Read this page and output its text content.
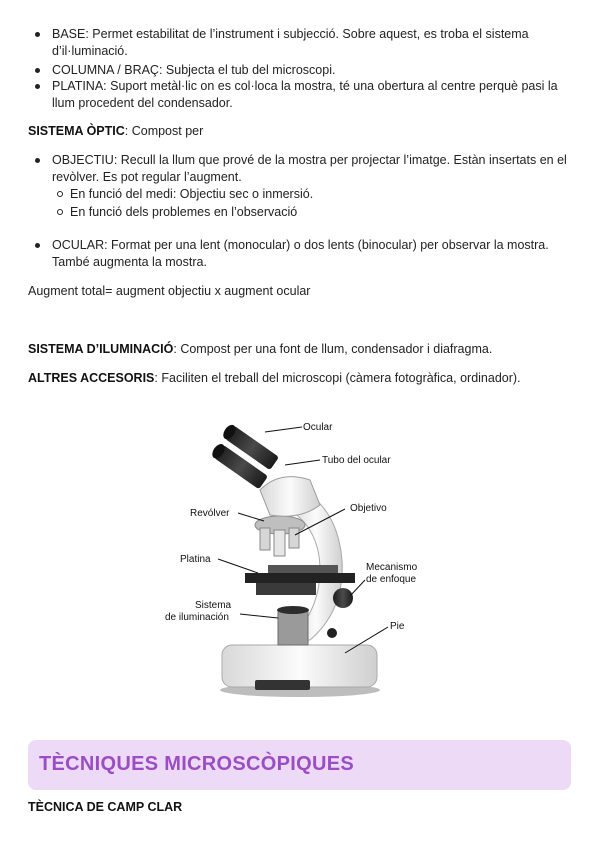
BASE: Permet estabilitat de l’instrument i subjecció. Sobre aquest, es troba el sistema d’il·luminació.
COLUMNA / BRAÇ: Subjecta el tub del microscopi.
PLATINA: Suport metàl·lic on es col·loca la mostra, té una obertura al centre perquè pasi la llum procedent del condensador.
SISTEMA ÒPTIC: Compost per
OBJECTIU: Recull la llum que prové de la mostra per projectar l’imatge. Estàn insertats en el revòlver. Es pot regular l’augment.
En funció del medi: Objectiu sec o inmersió.
En funció dels problemes en l’observació
OCULAR: Format per una lent (monocular) o dos lents (binocular) per observar la mostra. També augmenta la mostra.
Augment total= augment objectiu x augment ocular
SISTEMA D’ILUMINACIÓ: Compost per una font de llum, condensador i diafragma.
ALTRES ACCESORIS: Faciliten el treball del microscopi (càmera fotogràfica, ordinador).
Ocular
Tubo del ocular
Revólver	Objetivo
Platina
Mecanismo
de enfoque
Sistema
de iluminación
Pie
TÈCNIQUES MICROSCÒPIQUES
TÈCNICA DE CAMP CLAR
